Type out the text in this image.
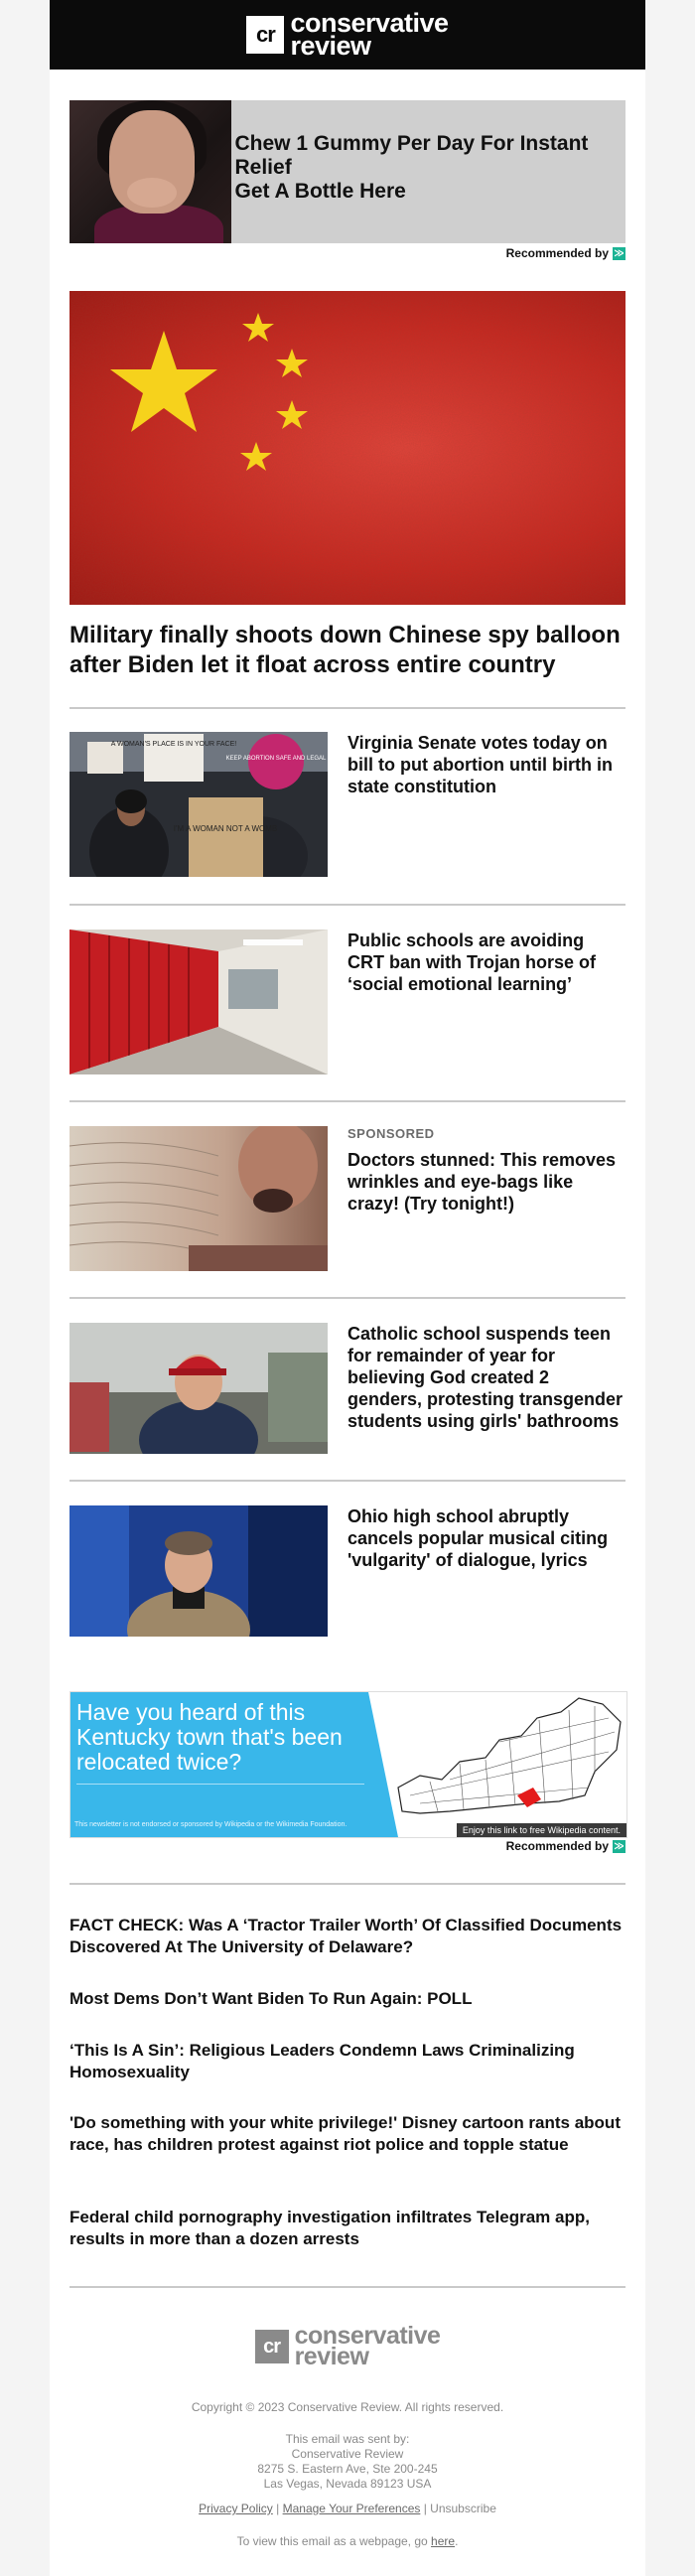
cr conservative
review
Chew 1 Gummy Per Day For Instant Relief
Get A Bottle Here
Recommended by ≫
Military finally shoots down Chinese spy balloon after Biden let it float across entire country
A WOMAN'S PLACE IS IN YOUR FACE!
KEEP ABORTION SAFE AND LEGAL
I'M A WOMAN NOT A WOMB
Virginia Senate votes today on bill to put abortion until birth in state constitution
Public schools are avoiding CRT ban with Trojan horse of ‘social emotional learning’
SPONSORED
Doctors stunned: This removes wrinkles and eye-bags like crazy! (Try tonight!)
Catholic school suspends teen for remainder of year for believing God created 2 genders, protesting transgender students using girls' bathrooms
Ohio high school abruptly cancels popular musical citing 'vulgarity' of dialogue, lyrics
Have you heard of this Kentucky town that's been relocated twice?
This newsletter is not endorsed or sponsored by Wikipedia or the Wikimedia Foundation.
Enjoy this link to free Wikipedia content.
Recommended by ≫
FACT CHECK: Was A ‘Tractor Trailer Worth’ Of Classified Documents Discovered At The University of Delaware?
Most Dems Don’t Want Biden To Run Again: POLL
‘This Is A Sin’: Religious Leaders Condemn Laws Criminalizing Homosexuality
'Do something with your white privilege!' Disney cartoon rants about race, has children protest against riot police and topple statue
Federal child pornography investigation infiltrates Telegram app, results in more than a dozen arrests
cr conservative
review
Copyright © 2023 Conservative Review. All rights reserved.
This email was sent by:
Conservative Review
8275 S. Eastern Ave, Ste 200-245
Las Vegas, Nevada 89123 USA
Privacy Policy | Manage Your Preferences | Unsubscribe
To view this email as a webpage, go here.
